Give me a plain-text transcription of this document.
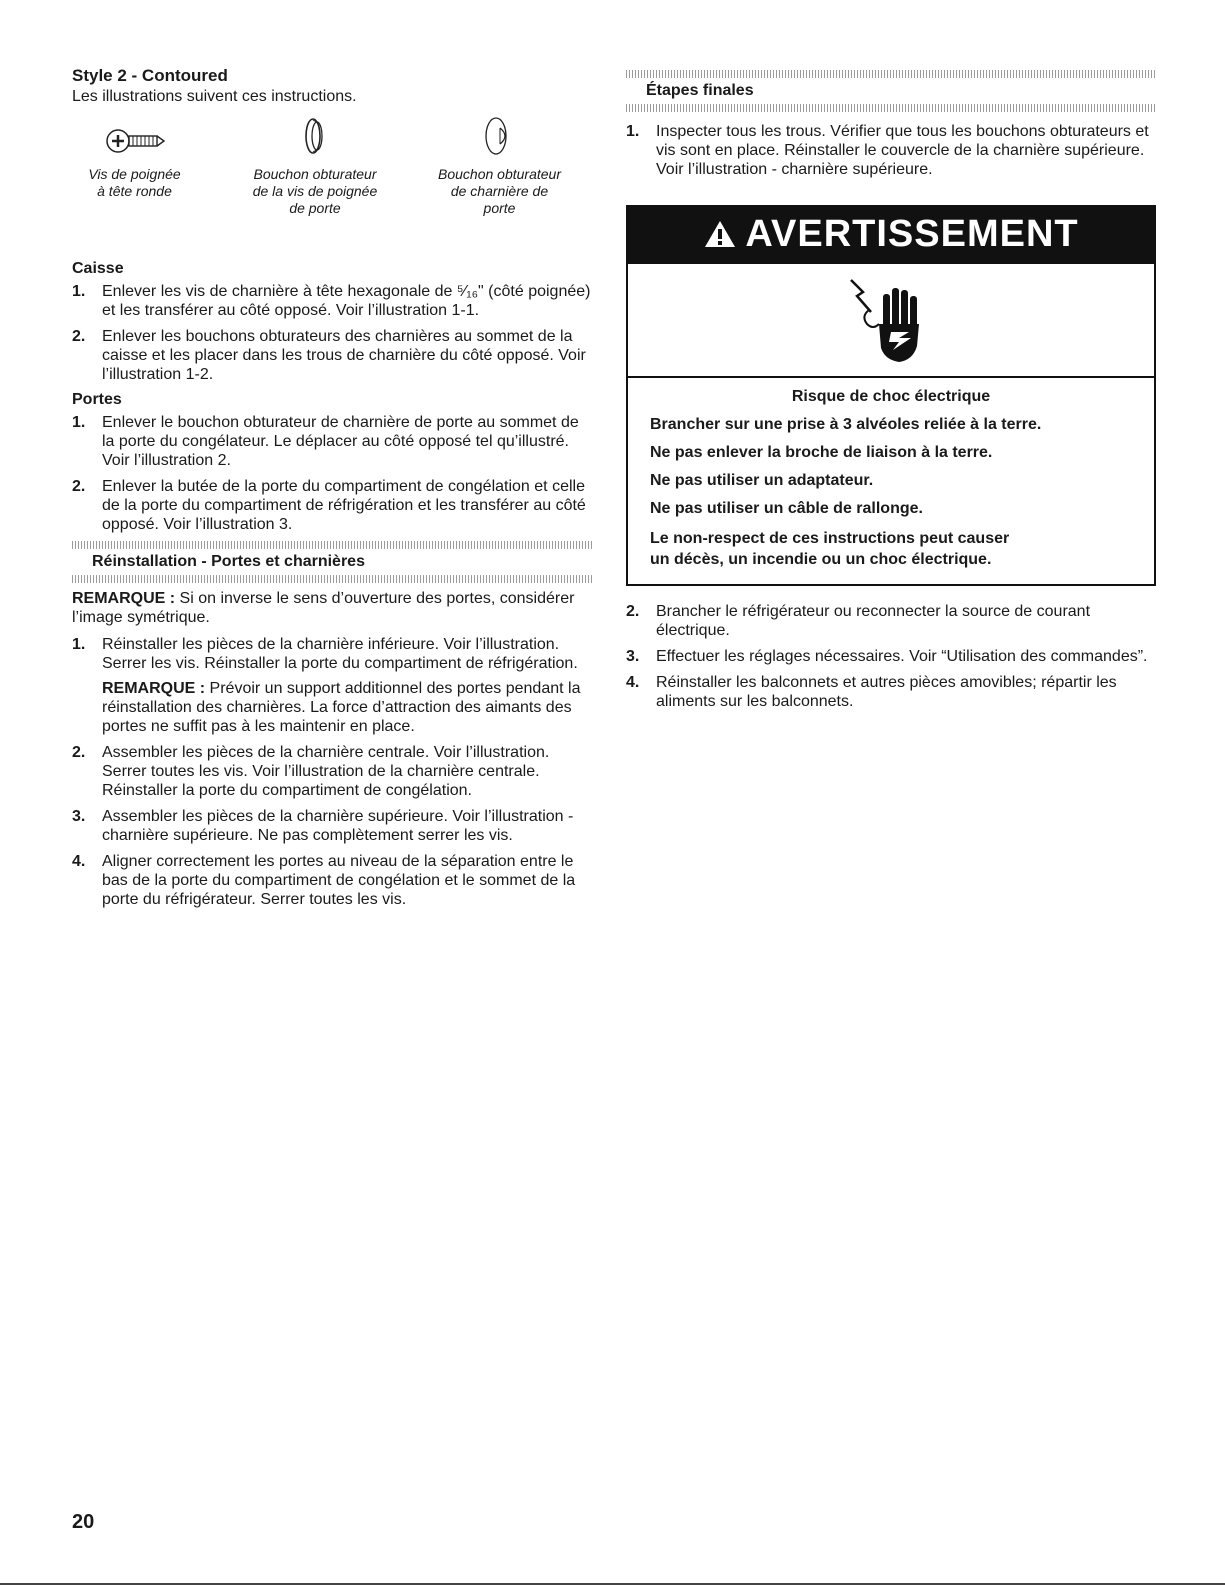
Style 2 - Contoured

Les illustrations suivent ces instructions.

Vis de poignée
à tête ronde
Bouchon obturateur
de la vis de poignée
de porte
Bouchon obturateur
de charnière de
porte
Caisse
1. Enlever les vis de charnière à tête hexagonale de ⁵⁄₁₆" (côté poignée) et les transférer au côté opposé. Voir l’illustration 1-1.
2. Enlever les bouchons obturateurs des charnières au sommet de la caisse et les placer dans les trous de charnière du côté opposé. Voir l’illustration 1-2.
Portes
1. Enlever le bouchon obturateur de charnière de porte au sommet de la porte du congélateur. Le déplacer au côté opposé tel qu’illustré. Voir l’illustration 2.
2. Enlever la butée de la porte du compartiment de congélation et celle de la porte du compartiment de réfrigération et les transférer au côté opposé. Voir l’illustration 3.
Réinstallation - Portes et charnières

REMARQUE : Si on inverse le sens d’ouverture des portes, considérer l’image symétrique.

1. Réinstaller les pièces de la charnière inférieure. Voir l’illustration. Serrer les vis. Réinstaller la porte du compartiment de réfrigération.
REMARQUE : Prévoir un support additionnel des portes pendant la réinstallation des charnières. La force d’attraction des aimants des portes ne suffit pas à les maintenir en place.
2. Assembler les pièces de la charnière centrale. Voir l’illustration. Serrer toutes les vis. Voir l’illustration de la charnière centrale. Réinstaller la porte du compartiment de congélation.
3. Assembler les pièces de la charnière supérieure. Voir l’illustration - charnière supérieure. Ne pas complètement serrer les vis.
4. Aligner correctement les portes au niveau de la séparation entre le bas de la porte du compartiment de congélation et le sommet de la porte du réfrigérateur. Serrer toutes les vis.
Étapes finales
1. Inspecter tous les trous. Vérifier que tous les bouchons obturateurs et vis sont en place. Réinstaller le couvercle de la charnière supérieure. Voir l’illustration - charnière supérieure.
AVERTISSEMENT

Risque de choc électrique

Brancher sur une prise à 3 alvéoles reliée à la terre.

Ne pas enlever la broche de liaison à la terre.

Ne pas utiliser un adaptateur.

Ne pas utiliser un câble de rallonge.

Le non-respect de ces instructions peut causer
un décès, un incendie ou un choc électrique.

2. Brancher le réfrigérateur ou reconnecter la source de courant électrique.
3. Effectuer les réglages nécessaires. Voir “Utilisation des commandes”.
4. Réinstaller les balconnets et autres pièces amovibles; répartir les aliments sur les balconnets.
20
